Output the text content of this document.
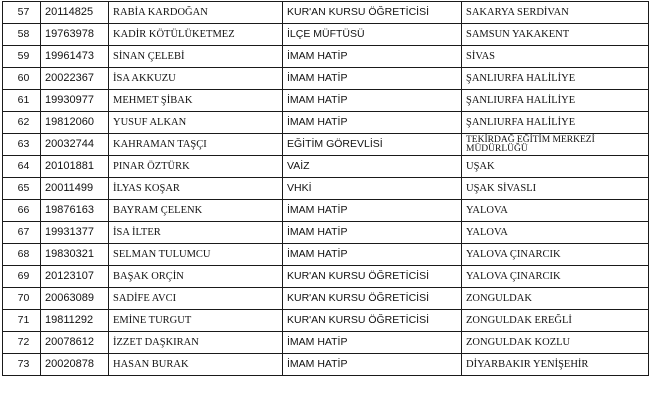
57	20114825	RABİA KARDOĞAN	KUR'AN KURSU ÖĞRETİCİSİ	SAKARYA SERDİVAN
58	19763978	KADİR KÖTÜLÜKETMEZ	İLÇE MÜFTÜSÜ	SAMSUN YAKAKENT
59	19961473	SİNAN ÇELEBİ	İMAM HATİP	SİVAS
60	20022367	İSA AKKUZU	İMAM HATİP	ŞANLIURFA HALİLİYE
61	19930977	MEHMET ŞİBAK	İMAM HATİP	ŞANLIURFA HALİLİYE
62	19812060	YUSUF ALKAN	İMAM HATİP	ŞANLIURFA HALİLİYE
63	20032744	KAHRAMAN TAŞÇI	EĞİTİM GÖREVLİSİ	TEKİRDAĞ EĞİTİM MERKEZİ MÜDÜRLÜĞÜ
64	20101881	PINAR ÖZTÜRK	VAİZ	UŞAK
65	20011499	İLYAS KOŞAR	VHKİ	UŞAK SİVASLI
66	19876163	BAYRAM ÇELENK	İMAM HATİP	YALOVA
67	19931377	İSA İLTER	İMAM HATİP	YALOVA
68	19830321	SELMAN TULUMCU	İMAM HATİP	YALOVA ÇINARCIK
69	20123107	BAŞAK ORÇİN	KUR'AN KURSU ÖĞRETİCİSİ	YALOVA ÇINARCIK
70	20063089	SADİFE AVCI	KUR'AN KURSU ÖĞRETİCİSİ	ZONGULDAK
71	19811292	EMİNE TURGUT	KUR'AN KURSU ÖĞRETİCİSİ	ZONGULDAK EREĞLİ
72	20078612	İZZET DAŞKIRAN	İMAM HATİP	ZONGULDAK KOZLU
73	20020878	HASAN BURAK	İMAM HATİP	DİYARBAKIR YENİŞEHİR
